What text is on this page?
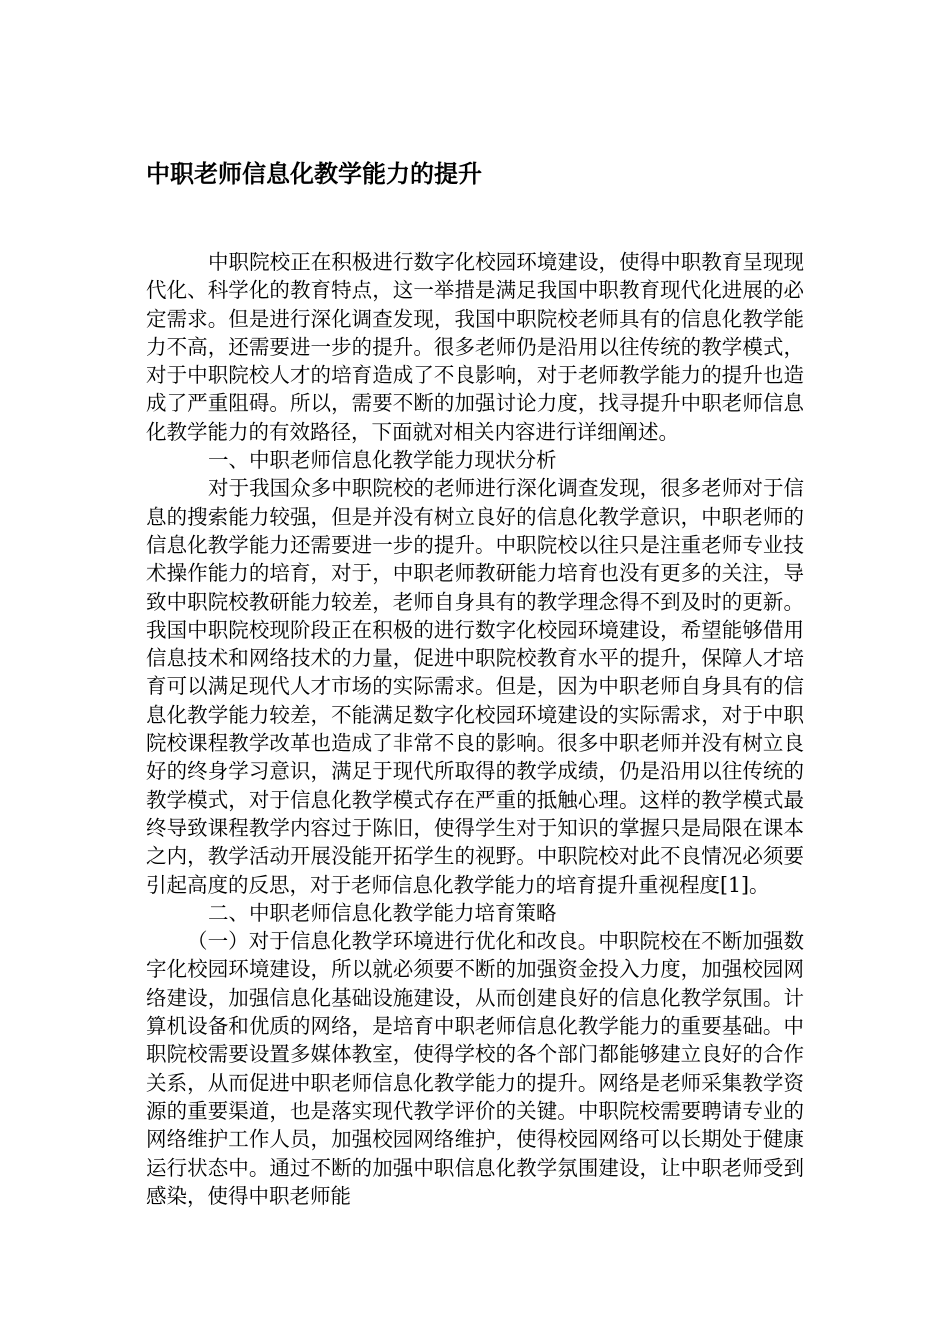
中职老师信息化教学能力的提升

中职院校正在积极进行数字化校园环境建设，使得中职教育呈现现代化、科学化的教育特点，这一举措是满足我国中职教育现代化进展的必定需求。但是进行深化调查发现，我国中职院校老师具有的信息化教学能力不高，还需要进一步的提升。很多老师仍是沿用以往传统的教学模式，对于中职院校人才的培育造成了不良影响，对于老师教学能力的提升也造成了严重阻碍。所以，需要不断的加强讨论力度，找寻提升中职老师信息化教学能力的有效路径，下面就对相关内容进行详细阐述。

一、中职老师信息化教学能力现状分析

对于我国众多中职院校的老师进行深化调查发现，很多老师对于信息的搜索能力较强，但是并没有树立良好的信息化教学意识，中职老师的信息化教学能力还需要进一步的提升。中职院校以往只是注重老师专业技术操作能力的培育，对于，中职老师教研能力培育也没有更多的关注，导致中职院校教研能力较差，老师自身具有的教学理念得不到及时的更新。我国中职院校现阶段正在积极的进行数字化校园环境建设，希望能够借用信息技术和网络技术的力量，促进中职院校教育水平的提升，保障人才培育可以满足现代人才市场的实际需求。但是，因为中职老师自身具有的信息化教学能力较差，不能满足数字化校园环境建设的实际需求，对于中职院校课程教学改革也造成了非常不良的影响。很多中职老师并没有树立良好的终身学习意识，满足于现代所取得的教学成绩，仍是沿用以往传统的教学模式，对于信息化教学模式存在严重的抵触心理。这样的教学模式最终导致课程教学内容过于陈旧，使得学生对于知识的掌握只是局限在课本之内，教学活动开展没能开拓学生的视野。中职院校对此不良情况必须要引起高度的反思，对于老师信息化教学能力的培育提升重视程度[1]。

二、中职老师信息化教学能力培育策略

（一）对于信息化教学环境进行优化和改良。中职院校在不断加强数字化校园环境建设，所以就必须要不断的加强资金投入力度，加强校园网络建设，加强信息化基础设施建设，从而创建良好的信息化教学氛围。计算机设备和优质的网络，是培育中职老师信息化教学能力的重要基础。中职院校需要设置多媒体教室，使得学校的各个部门都能够建立良好的合作关系，从而促进中职老师信息化教学能力的提升。网络是老师采集教学资源的重要渠道，也是落实现代教学评价的关键。中职院校需要聘请专业的网络维护工作人员，加强校园网络维护，使得校园网络可以长期处于健康运行状态中。通过不断的加强中职信息化教学氛围建设，让中职老师受到感染，使得中职老师能
